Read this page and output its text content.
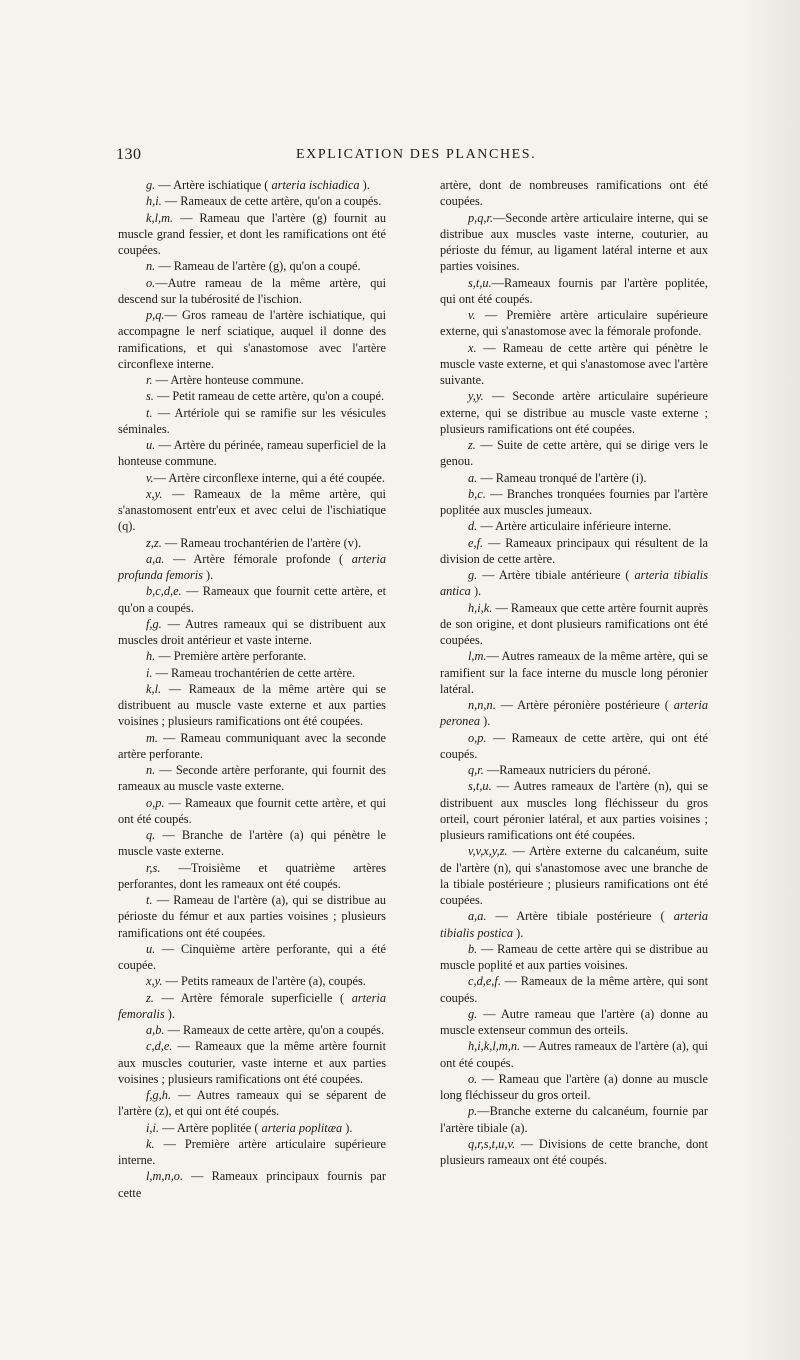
130	EXPLICATION DES PLANCHES.

g. — Artère ischiatique ( arteria ischiadica ).

h,i. — Rameaux de cette artère, qu'on a coupés.

k,l,m. — Rameau que l'artère (g) fournit au muscle grand fessier, et dont les ramifications ont été coupées.

n. — Rameau de l'artère (g), qu'on a coupé.

o.—Autre rameau de la même artère, qui descend sur la tubérosité de l'ischion.

p,q.— Gros rameau de l'artère ischiatique, qui accompagne le nerf sciatique, auquel il donne des ramifications, et qui s'anastomose avec l'artère circonflexe interne.

r. — Artère honteuse commune.

s. — Petit rameau de cette artère, qu'on a coupé.

t. — Artériole qui se ramifie sur les vésicules séminales.

u. — Artère du périnée, rameau superficiel de la honteuse commune.

v.— Artère circonflexe interne, qui a été coupée.

x,y. — Rameaux de la même artère, qui s'anastomosent entr'eux et avec celui de l'ischiatique (q).

z,z. — Rameau trochantérien de l'artère (v).

a,a. — Artère fémorale profonde ( arteria profunda femoris ).

b,c,d,e. — Rameaux que fournit cette artère, et qu'on a coupés.

f,g. — Autres rameaux qui se distribuent aux muscles droit antérieur et vaste interne.

h. — Première artère perforante.

i. — Rameau trochantérien de cette artère.

k,l. — Rameaux de la même artère qui se distribuent au muscle vaste externe et aux parties voisines ; plusieurs ramifications ont été coupées.

m. — Rameau communiquant avec la seconde artère perforante.

n. — Seconde artère perforante, qui fournit des rameaux au muscle vaste externe.

o,p. — Rameaux que fournit cette artère, et qui ont été coupés.

q. — Branche de l'artère (a) qui pénètre le muscle vaste externe.

r,s. —Troisième et quatrième artères perforantes, dont les rameaux ont été coupés.

t. — Rameau de l'artère (a), qui se distribue au périoste du fémur et aux parties voisines ; plusieurs ramifications ont été coupées.

u. — Cinquième artère perforante, qui a été coupée.

x,y. — Petits rameaux de l'artère (a), coupés.

z. — Artère fémorale superficielle ( arteria femoralis ).

a,b. — Rameaux de cette artère, qu'on a coupés.

c,d,e. — Rameaux que la même artère fournit aux muscles couturier, vaste interne et aux parties voisines ; plusieurs ramifications ont été coupées.

f,g,h. — Autres rameaux qui se séparent de l'artère (z), et qui ont été coupés.

i,i. — Artère poplitée ( arteria poplitæa ).

k. — Première artère articulaire supérieure interne.

l,m,n,o. — Rameaux principaux fournis par cette

artère, dont de nombreuses ramifications ont été coupées.

p,q,r.—Seconde artère articulaire interne, qui se distribue aux muscles vaste interne, couturier, au périoste du fémur, au ligament latéral interne et aux parties voisines.

s,t,u.—Rameaux fournis par l'artère poplitée, qui ont été coupés.

v. — Première artère articulaire supérieure externe, qui s'anastomose avec la fémorale profonde.

x. — Rameau de cette artère qui pénètre le muscle vaste externe, et qui s'anastomose avec l'artère suivante.

y,y. — Seconde artère articulaire supérieure externe, qui se distribue au muscle vaste externe ; plusieurs ramifications ont été coupées.

z. — Suite de cette artère, qui se dirige vers le genou.

a. — Rameau tronqué de l'artère (i).

b,c. — Branches tronquées fournies par l'artère poplitée aux muscles jumeaux.

d. — Artère articulaire inférieure interne.

e,f. — Rameaux principaux qui résultent de la division de cette artère.

g. — Artère tibiale antérieure ( arteria tibialis antica ).

h,i,k. — Rameaux que cette artère fournit auprès de son origine, et dont plusieurs ramifications ont été coupées.

l,m.— Autres rameaux de la même artère, qui se ramifient sur la face interne du muscle long péronier latéral.

n,n,n. — Artère péronière postérieure ( arteria peronea ).

o,p. — Rameaux de cette artère, qui ont été coupés.

q,r. —Rameaux nutriciers du péroné.

s,t,u. — Autres rameaux de l'artère (n), qui se distribuent aux muscles long fléchisseur du gros orteil, court péronier latéral, et aux parties voisines ; plusieurs ramifications ont été coupées.

v,v,x,y,z. — Artère externe du calcanéum, suite de l'artère (n), qui s'anastomose avec une branche de la tibiale postérieure ; plusieurs ramifications ont été coupées.

a,a. — Artère tibiale postérieure ( arteria tibialis postica ).

b. — Rameau de cette artère qui se distribue au muscle poplité et aux parties voisines.

c,d,e,f. — Rameaux de la même artère, qui sont coupés.

g. — Autre rameau que l'artère (a) donne au muscle extenseur commun des orteils.

h,i,k,l,m,n. — Autres rameaux de l'artère (a), qui ont été coupés.

o. — Rameau que l'artère (a) donne au muscle long fléchisseur du gros orteil.

p.—Branche externe du calcanéum, fournie par l'artère tibiale (a).

q,r,s,t,u,v. — Divisions de cette branche, dont plusieurs rameaux ont été coupés.
